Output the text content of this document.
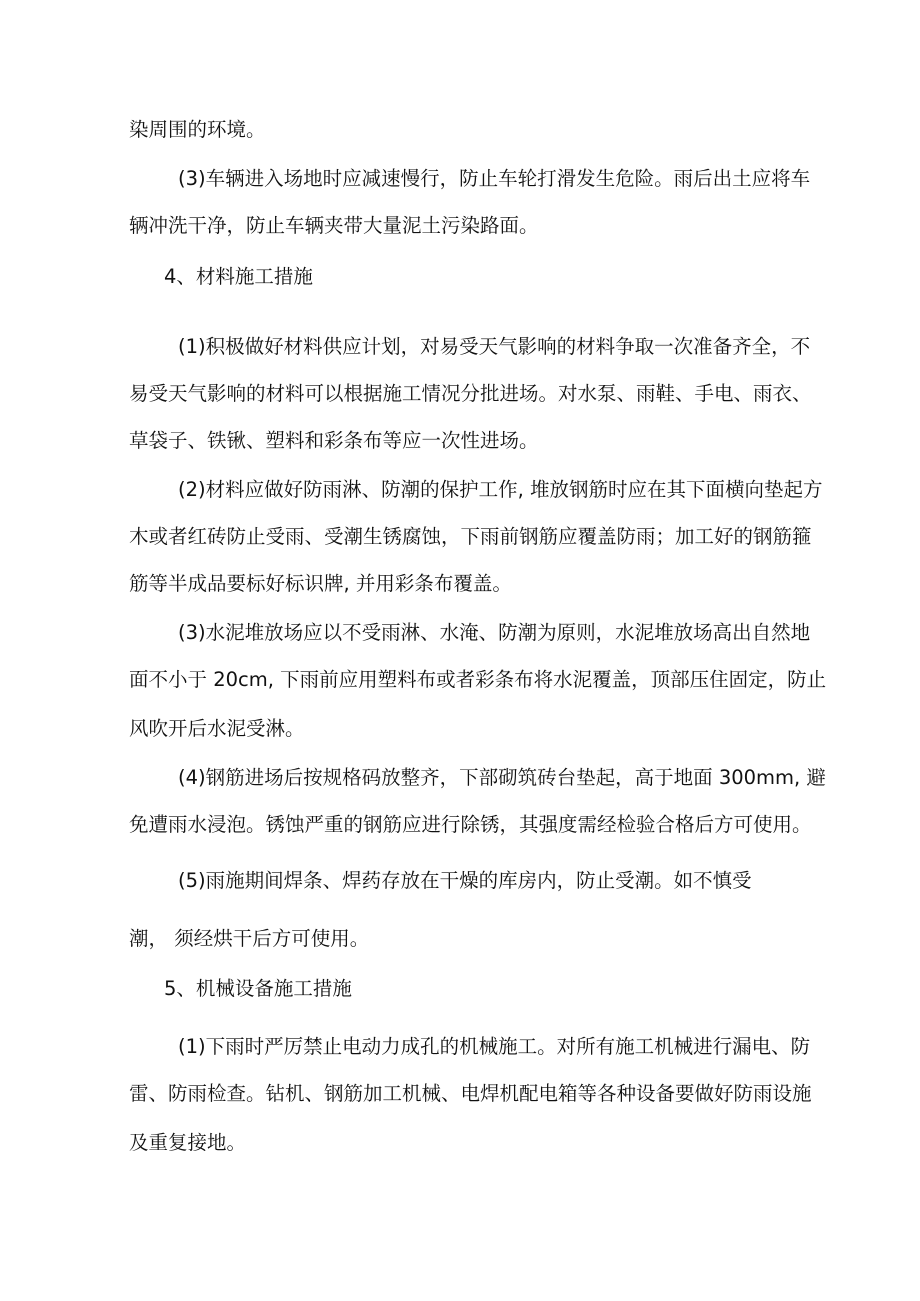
染周围的环境。

(3)车辆进入场地时应减速慢行，防止车轮打滑发生危险。雨后出土应将车

辆冲洗干净，防止车辆夹带大量泥土污染路面。

4、材料施工措施

(1)积极做好材料供应计划，对易受天气影响的材料争取一次准备齐全，不

易受天气影响的材料可以根据施工情况分批进场。对水泵、雨鞋、手电、雨衣、

草袋子、铁锹、塑料和彩条布等应一次性进场。

(2)材料应做好防雨淋、防潮的保护工作, 堆放钢筋时应在其下面横向垫起方

木或者红砖防止受雨、受潮生锈腐蚀，下雨前钢筋应覆盖防雨；加工好的钢筋箍

筋等半成品要标好标识牌, 并用彩条布覆盖。

(3)水泥堆放场应以不受雨淋、水淹、防潮为原则，水泥堆放场高出自然地

面不小于 20cm, 下雨前应用塑料布或者彩条布将水泥覆盖，顶部压住固定，防止

风吹开后水泥受淋。

(4)钢筋进场后按规格码放整齐，下部砌筑砖台垫起，高于地面 300mm, 避

免遭雨水浸泡。锈蚀严重的钢筋应进行除锈，其强度需经检验合格后方可使用。

(5)雨施期间焊条、焊药存放在干燥的库房内，防止受潮。如不慎受

潮， 须经烘干后方可使用。

5、机械设备施工措施

(1)下雨时严厉禁止电动力成孔的机械施工。对所有施工机械进行漏电、防

雷、防雨检查。钻机、钢筋加工机械、电焊机配电箱等各种设备要做好防雨设施

及重复接地。
